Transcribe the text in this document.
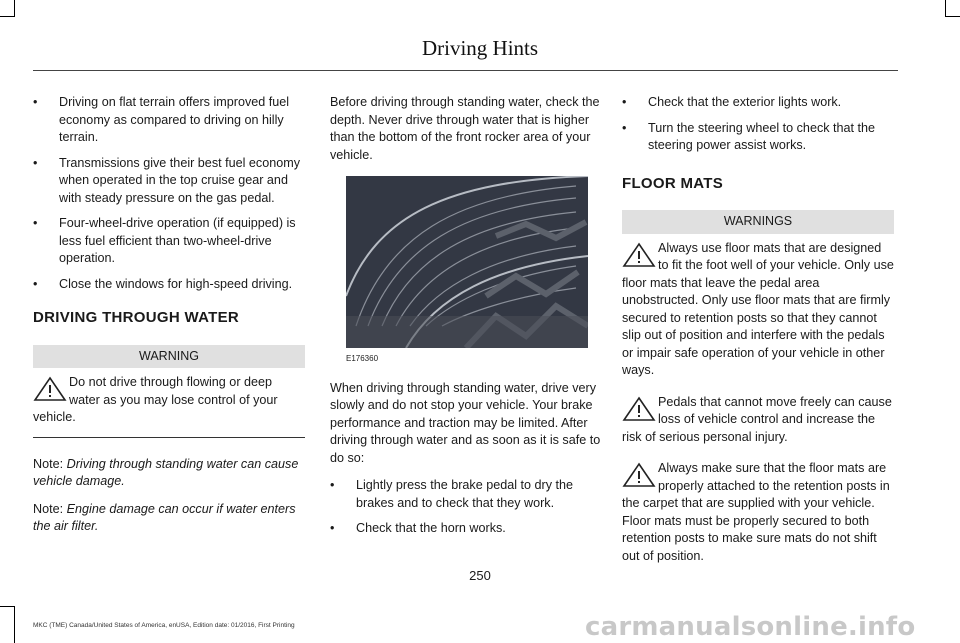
Driving Hints
• Driving on flat terrain offers improved fuel economy as compared to driving on hilly terrain.
• Transmissions give their best fuel economy when operated in the top cruise gear and with steady pressure on the gas pedal.
• Four-wheel-drive operation (if equipped) is less fuel efficient than two-wheel-drive operation.
• Close the windows for high-speed driving.
DRIVING THROUGH WATER
WARNING
Do not drive through flowing or deep water as you may lose control of your vehicle.

Note: Driving through standing water can cause vehicle damage.

Note: Engine damage can occur if water enters the air filter.

Before driving through standing water, check the depth. Never drive through water that is higher than the bottom of the front rocker area of your vehicle.

E176360

When driving through standing water, drive very slowly and do not stop your vehicle. Your brake performance and traction may be limited. After driving through water and as soon as it is safe to do so:

• Lightly press the brake pedal to dry the brakes and to check that they work.
• Check that the horn works.
• Check that the exterior lights work.
• Turn the steering wheel to check that the steering power assist works.
FLOOR MATS
WARNINGS
Always use floor mats that are designed to fit the foot well of your vehicle. Only use floor mats that leave the pedal area unobstructed. Only use floor mats that are firmly secured to retention posts so that they cannot slip out of position and interfere with the pedals or impair safe operation of your vehicle in other ways.
Pedals that cannot move freely can cause loss of vehicle control and increase the risk of serious personal injury.
Always make sure that the floor mats are properly attached to the retention posts in the carpet that are supplied with your vehicle. Floor mats must be properly secured to both retention posts to make sure mats do not shift out of position.
250
MKC (TME) Canada/United States of America, enUSA, Edition date: 01/2016, First Printing	carmanualsonline.info
